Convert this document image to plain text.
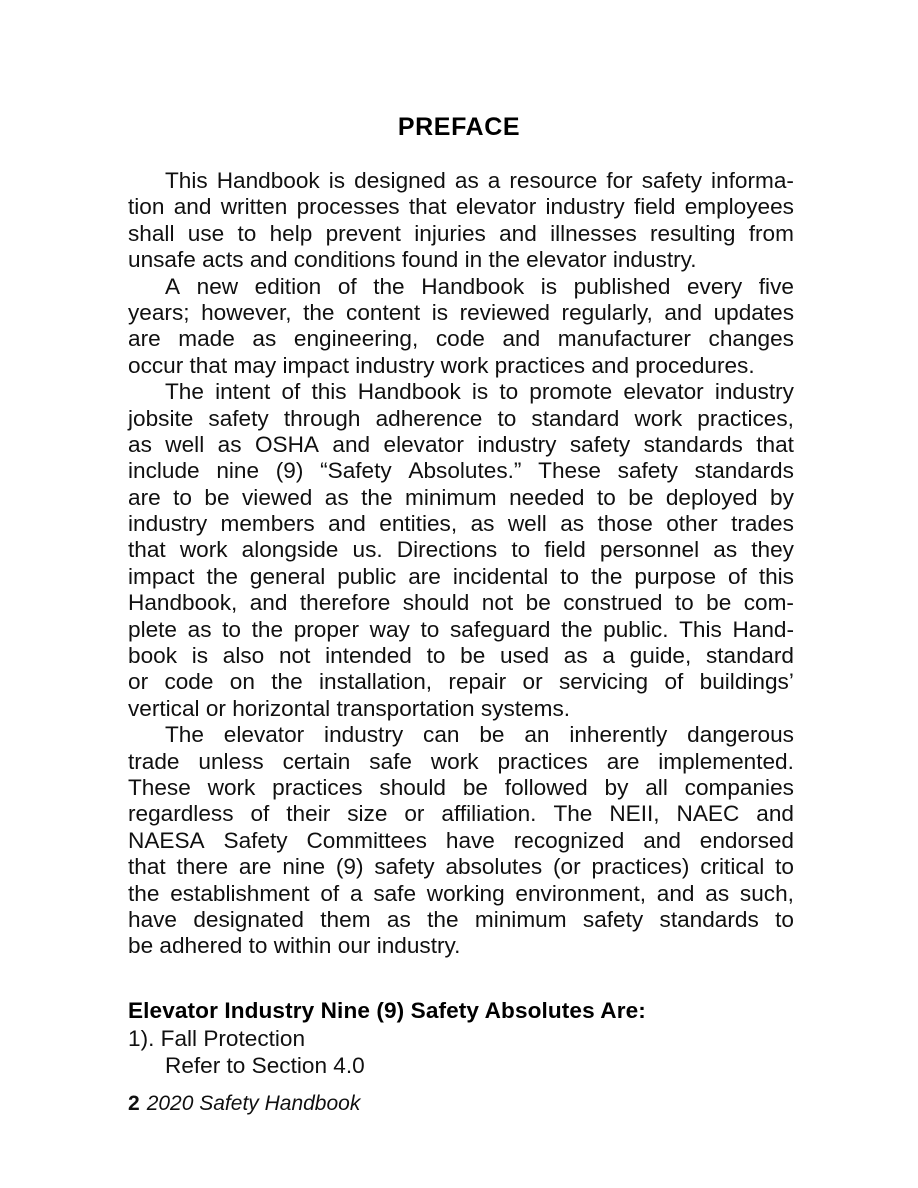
PREFACE
This Handbook is designed as a resource for safety informa-
tion and written processes that elevator industry field employees
shall use to help prevent injuries and illnesses resulting from
unsafe acts and conditions found in the elevator industry.
A new edition of the Handbook is published every five
years; however, the content is reviewed regularly, and updates
are made as engineering, code and manufacturer changes
occur that may impact industry work practices and procedures.
The intent of this Handbook is to promote elevator industry
jobsite safety through adherence to standard work practices,
as well as OSHA and elevator industry safety standards that
include nine (9) “Safety Absolutes.” These safety standards
are to be viewed as the minimum needed to be deployed by
industry members and entities, as well as those other trades
that work alongside us. Directions to field personnel as they
impact the general public are incidental to the purpose of this
Handbook, and therefore should not be construed to be com-
plete as to the proper way to safeguard the public. This Hand-
book is also not intended to be used as a guide, standard
or code on the installation, repair or servicing of buildings’
vertical or horizontal transportation systems.
The elevator industry can be an inherently dangerous
trade unless certain safe work practices are implemented.
These work practices should be followed by all companies
regardless of their size or affiliation. The NEII, NAEC and
NAESA Safety Committees have recognized and endorsed
that there are nine (9) safety absolutes (or practices) critical to
the establishment of a safe working environment, and as such,
have designated them as the minimum safety standards to
be adhered to within our industry.
Elevator Industry Nine (9) Safety Absolutes Are:
1). Fall Protection
Refer to Section 4.0
2 2020 Safety Handbook
